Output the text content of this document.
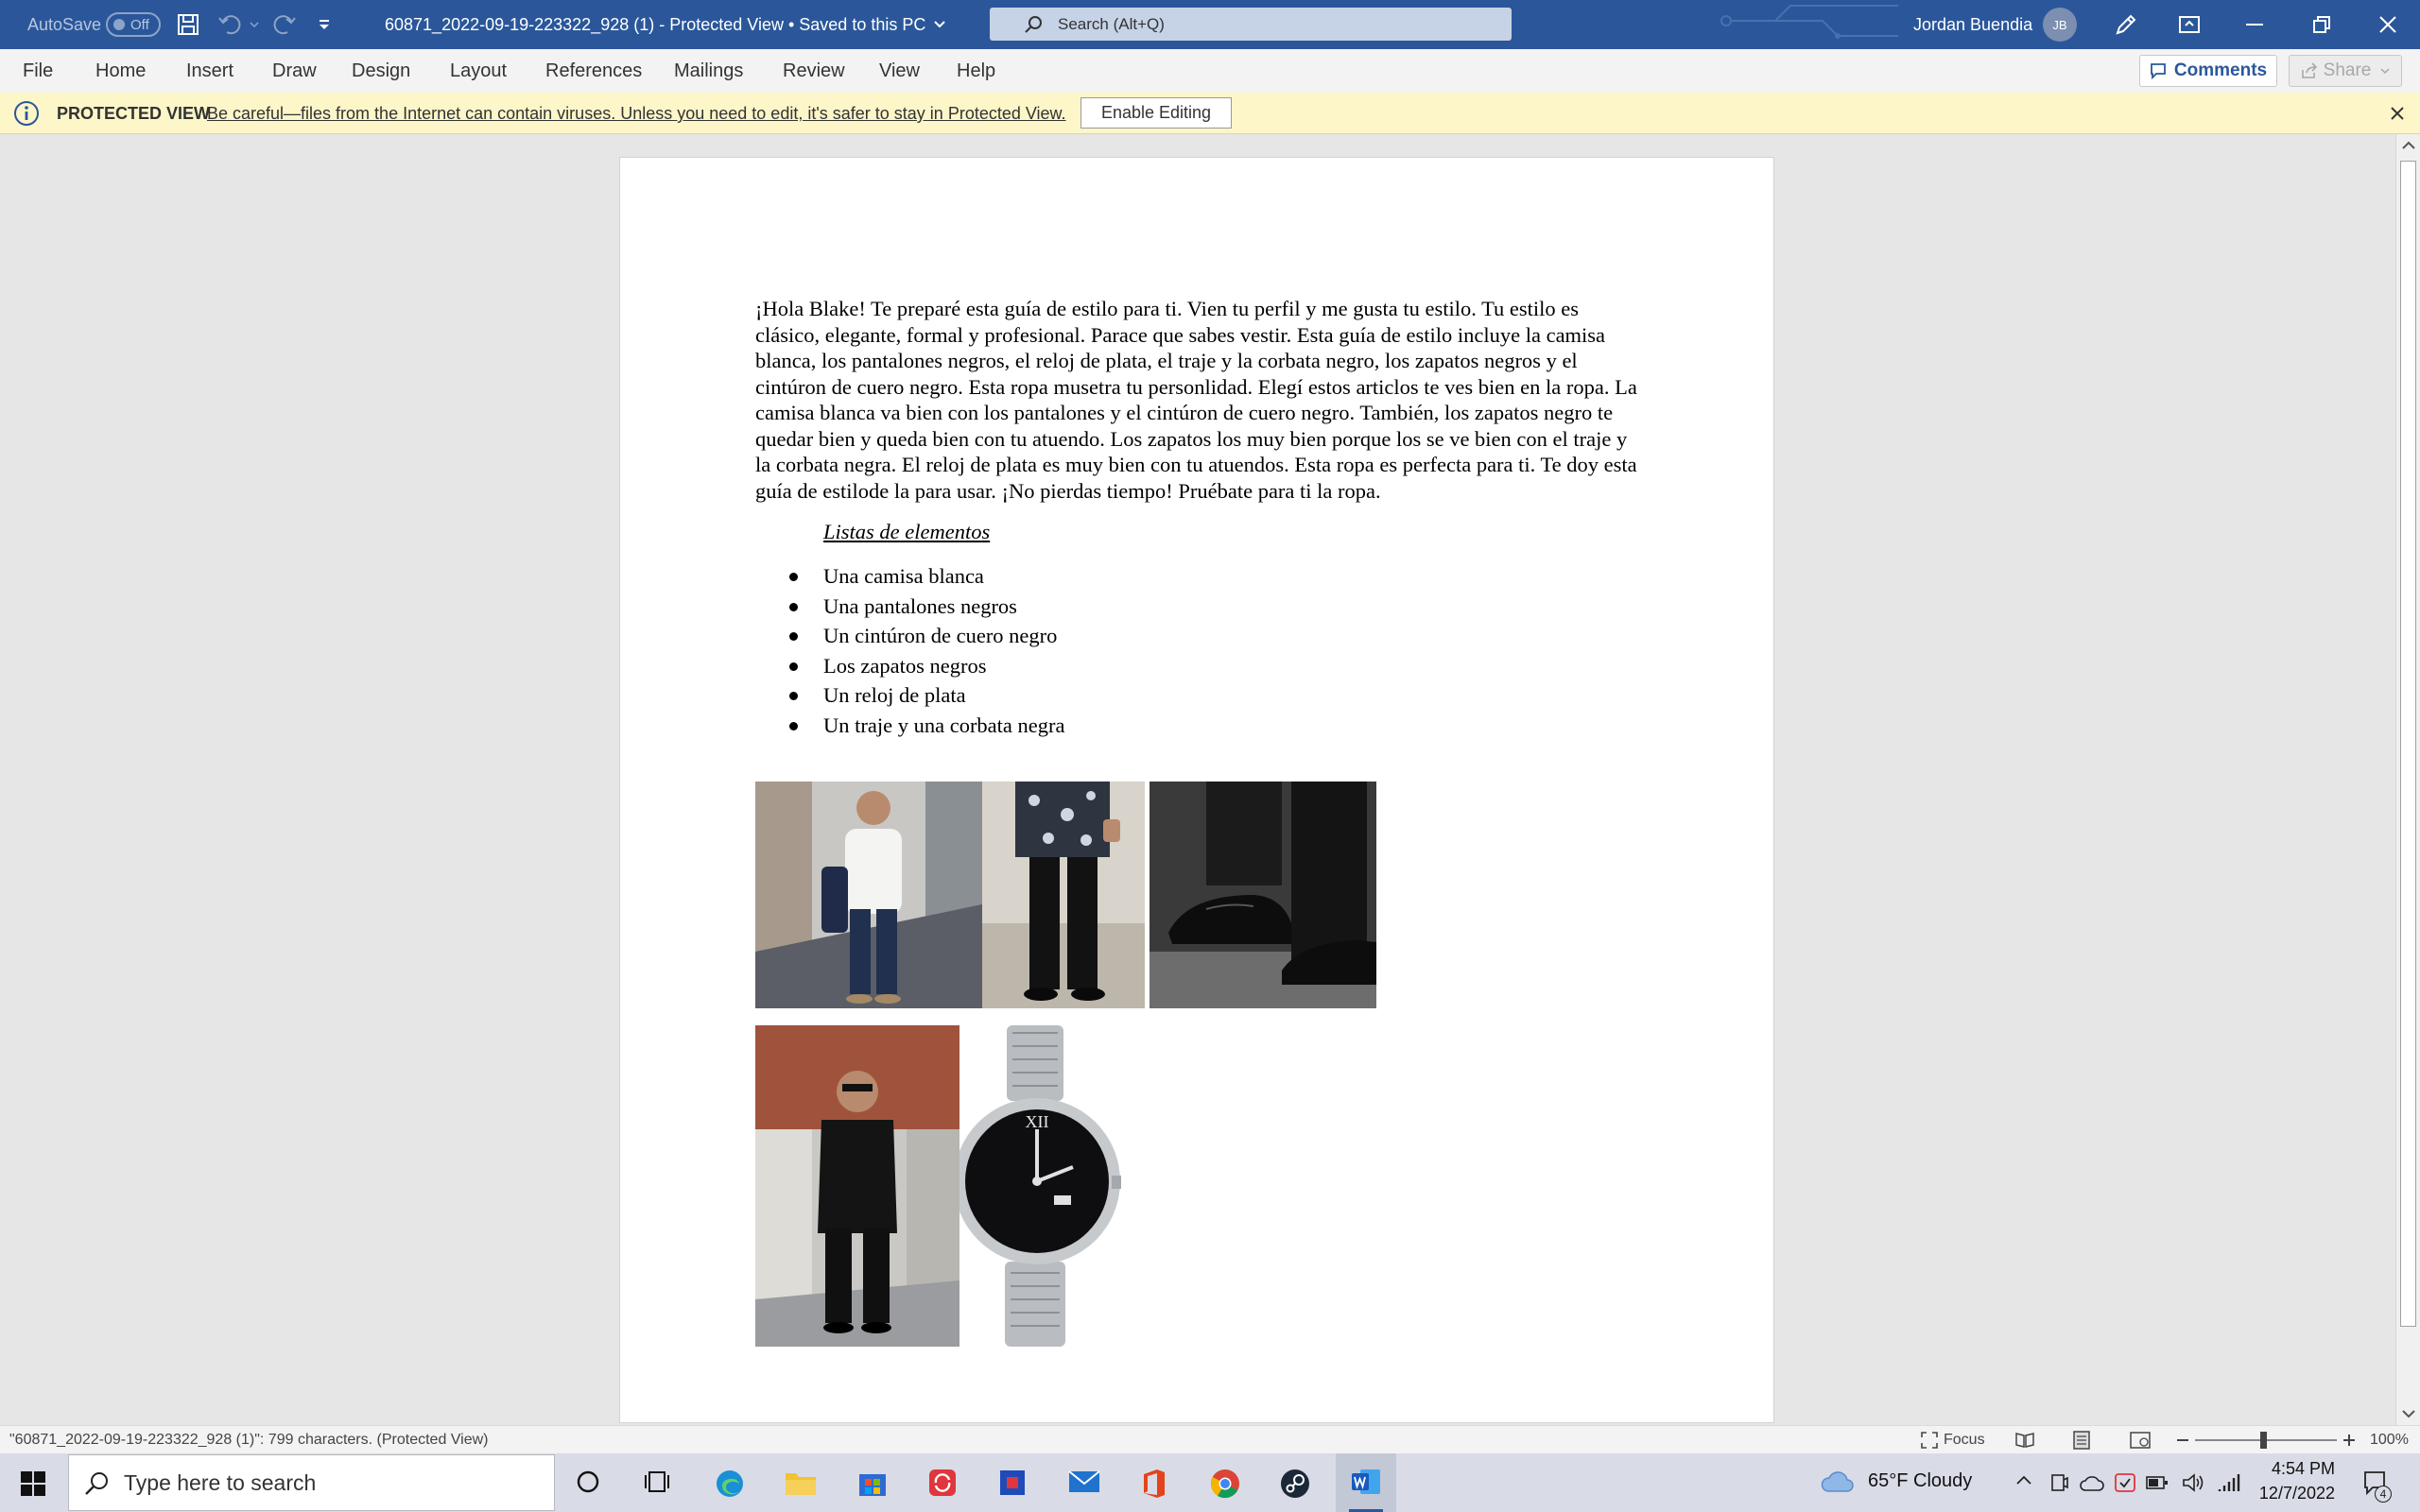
AutoSave Off	60871_2022-09-19-223322_928 (1) - Protected View • Saved to this PC	Search (Alt+Q)	Jordan Buendia	JB
File Home Insert Draw Design Layout References Mailings Review View Help	Comments	Share
PROTECTED VIEW
Be careful—files from the Internet can contain viruses. Unless you need to edit, it's safer to stay in Protected View.	Enable Editing

¡Hola Blake! Te preparé esta guía de estilo para ti. Vien tu perfil y me gusta tu estilo. Tu estilo es clásico, elegante, formal y profesional. Parace que sabes vestir. Esta guía de estilo incluye la camisa blanca, los pantalones negros, el reloj de plata, el traje y la corbata negro, los zapatos negros y el cintúron de cuero negro. Esta ropa musetra tu personlidad. Elegí estos articlos te ves bien en la ropa. La camisa blanca va bien con los pantalones y el cintúron de cuero negro. También, los zapatos negro te quedar bien y queda bien con tu atuendo. Los zapatos los muy bien porque los se ve bien con el traje y la corbata negra. El reloj de plata es muy bien con tu atuendos. Esta ropa es perfecta para ti. Te doy esta guía de estilode la para usar. ¡No pierdas tiempo! Pruébate para ti la ropa.

Listas de elementos

Una camisa blanca
Una pantalones negros
Un cintúron de cuero negro
Los zapatos negros
Un reloj de plata
Un traje y una corbata negra
XII
"60871_2022-09-19-223322_928 (1)": 799 characters. (Protected View)	Focus	100%
Type here to search	65°F Cloudy
4:54 PM
12/7/2022	4
